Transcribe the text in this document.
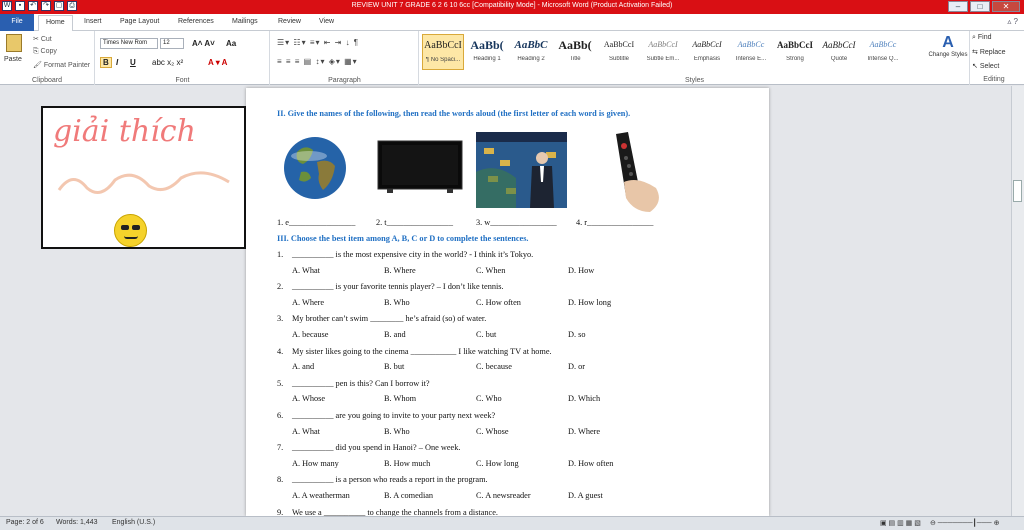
W	▪	↶ ↷ ▢ ⎙	REVIEW UNIT 7 GRADE 6 2 6 10 6cc [Compatibility Mode] - Microsoft Word (Product Activation Failed)	–	□	✕
File	Home	Insert	Page Layout	References	Mailings	Review	View	▵ ?
Paste
✂ Cut
⎘ Copy
🖌 Format Painter
Clipboard
Times New Rom	12	A˄ A˅ Aa
B I U abc x₂ x²	A ▾ A
Font
☰▾ ☷▾ ≡▾ ⇤ ⇥ ↓ ¶
≡ ≡ ≡ ▤ ↕▾ ◈▾ ▦▾
Paragraph
AaBbCcI
¶ No Spaci...
AaBb(
Heading 1
AaBbC
Heading 2
AaBb(
Title
AaBbCcI
Subtitle
AaBbCcI
Subtle Em...
AaBbCcI
Emphasis
AaBbCc
Intense E...
AaBbCcI
Strong
AaBbCcI
Quote
AaBbCc
Intense Q...
A
Change Styles
Styles
⌕ Find
⇆ Replace
↖ Select
Editing
II. Give the names of the following, then read the words aloud (the first letter of each word is given).
1. e________________ 2. t________________	3. w________________ 4. r________________
III. Choose the best item among A, B, C or D to complete the sentences.
1. __________ is the most expensive city in the world? - I think it’s Tokyo.
A. What	B. Where	C. When	D. How
2. __________ is your favorite tennis player? – I don’t like tennis.
A. Where	B. Who	C. How often	D. How long
3. My brother can’t swim ________ he’s afraid (so) of water.
A. because	B. and	C. but	D. so
4. My sister likes going to the cinema ___________ I like watching TV at home.
A. and	B. but	C. because	D. or
5. __________ pen is this? Can I borrow it?
A. Whose	B. Whom	C. Who	D. Which
6. __________ are you going to invite to your party next week?
A. What	B. Who	C. Whose	D. Where
7. __________ did you spend in Hanoi? – One week.
A. How many	B. How much	C. How long	D. How often
8. __________ is a person who reads a report in the program.
A. A weatherman	B. A comedian	C. A newsreader	D. A guest
9. We use a __________ to change the channels from a distance.
giải thích
Page: 2 of 6 Words: 1,443 English (U.S.)	▣ ▤ ▥ ▦ ▧ ⊖ ───────┃─── ⊕
